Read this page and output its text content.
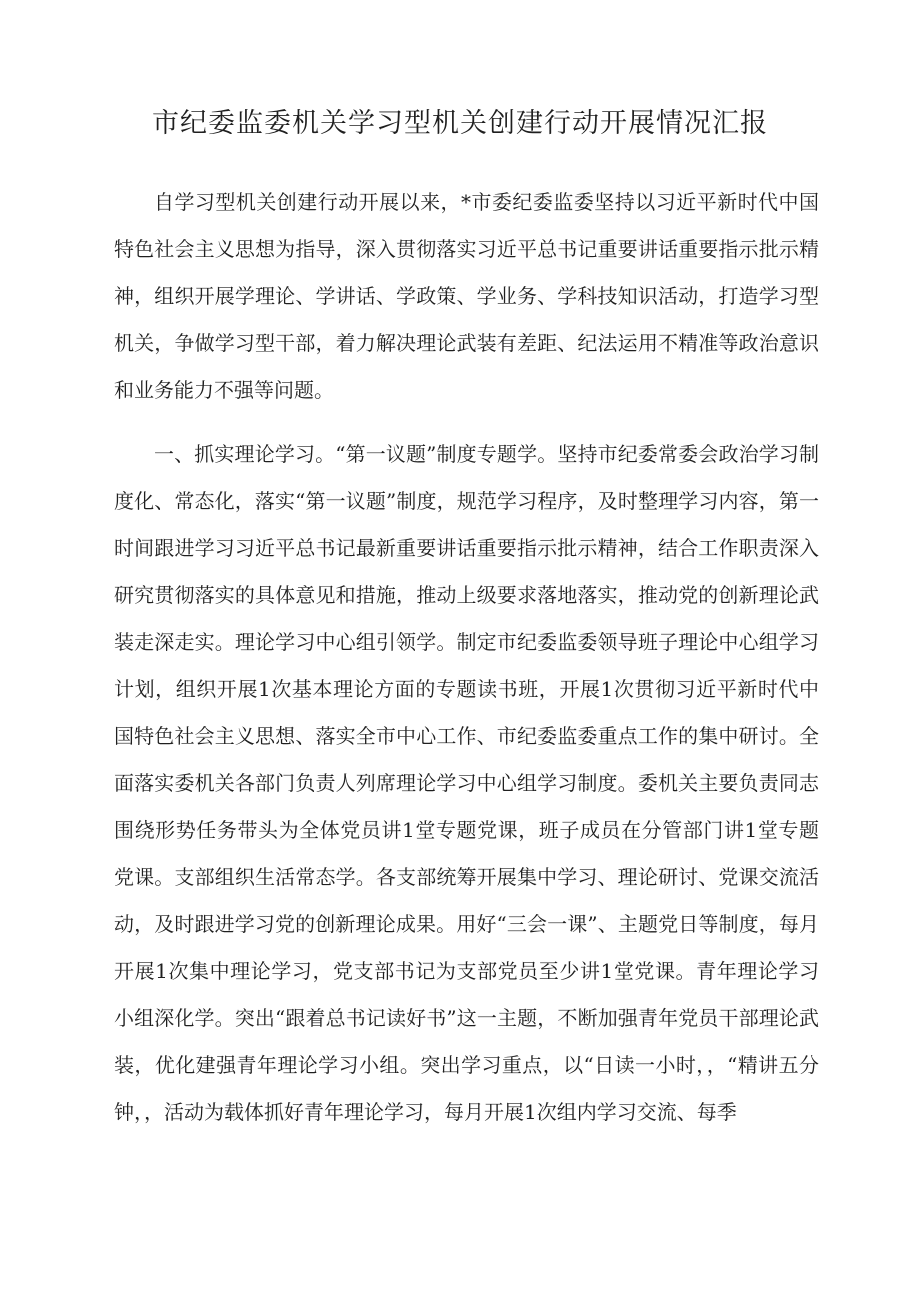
市纪委监委机关学习型机关创建行动开展情况汇报

自学习型机关创建行动开展以来，*市委纪委监委坚持以习近平新时代中国特色社会主义思想为指导，深入贯彻落实习近平总书记重要讲话重要指示批示精神，组织开展学理论、学讲话、学政策、学业务、学科技知识活动，打造学习型机关，争做学习型干部，着力解决理论武装有差距、纪法运用不精准等政治意识和业务能力不强等问题。

一、抓实理论学习。“第一议题”制度专题学。坚持市纪委常委会政治学习制度化、常态化，落实“第一议题”制度，规范学习程序，及时整理学习内容，第一时间跟进学习习近平总书记最新重要讲话重要指示批示精神，结合工作职责深入研究贯彻落实的具体意见和措施，推动上级要求落地落实，推动党的创新理论武装走深走实。理论学习中心组引领学。制定市纪委监委领导班子理论中心组学习计划，组织开展1次基本理论方面的专题读书班，开展1次贯彻习近平新时代中国特色社会主义思想、落实全市中心工作、市纪委监委重点工作的集中研讨。全面落实委机关各部门负责人列席理论学习中心组学习制度。委机关主要负责同志围绕形势任务带头为全体党员讲1堂专题党课，班子成员在分管部门讲1堂专题党课。支部组织生活常态学。各支部统筹开展集中学习、理论研讨、党课交流活动，及时跟进学习党的创新理论成果。用好“三会一课”、主题党日等制度，每月开展1次集中理论学习，党支部书记为支部党员至少讲1堂党课。青年理论学习小组深化学。突出“跟着总书记读好书”这一主题，不断加强青年党员干部理论武装，优化建强青年理论学习小组。突出学习重点，以“日读一小时，，“精讲五分钟，，活动为载体抓好青年理论学习，每月开展1次组内学习交流、每季
